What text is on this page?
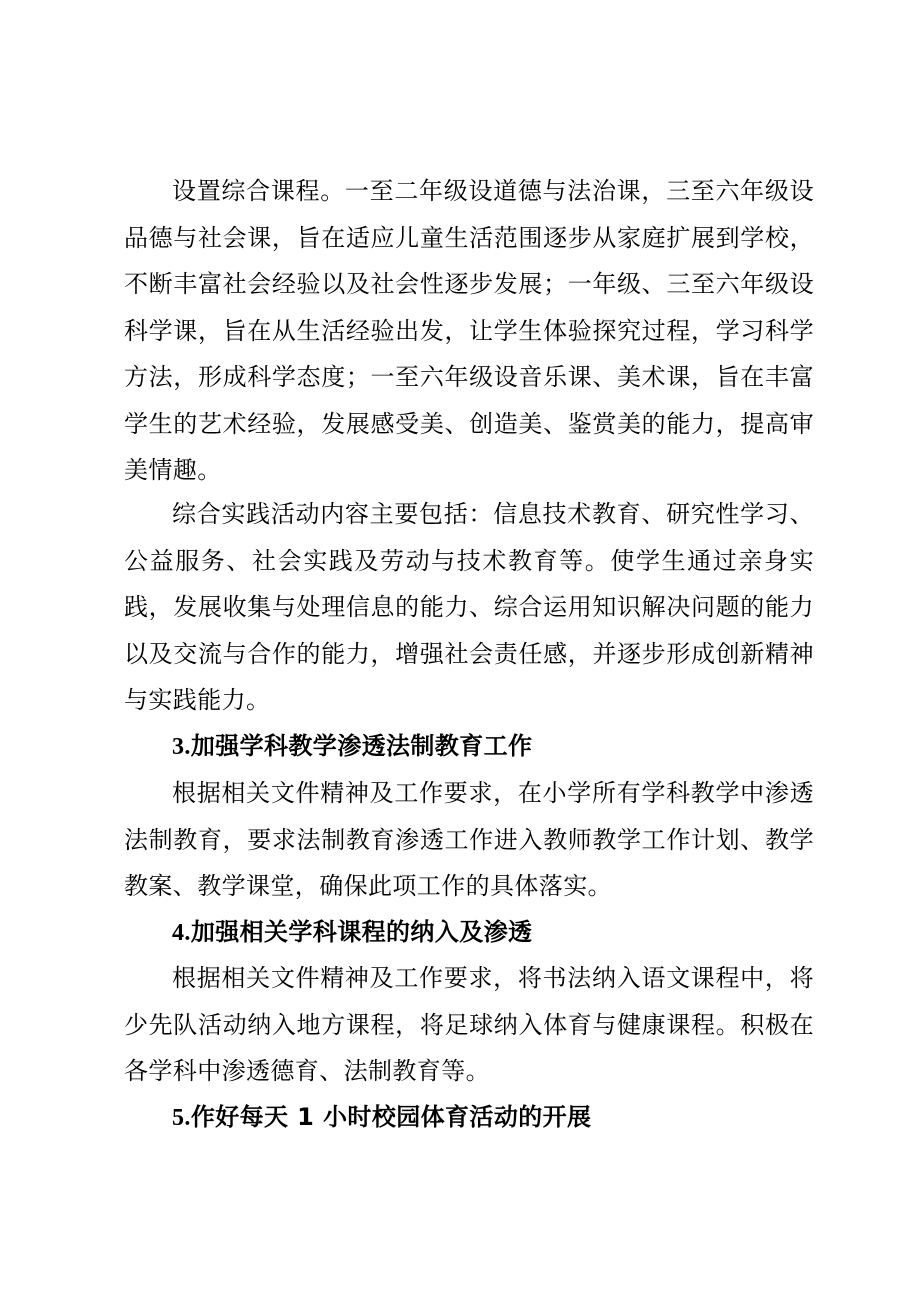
设置综合课程。一至二年级设道德与法治课，三至六年级设品德与社会课，旨在适应儿童生活范围逐步从家庭扩展到学校，不断丰富社会经验以及社会性逐步发展；一年级、三至六年级设科学课，旨在从生活经验出发，让学生体验探究过程，学习科学方法，形成科学态度；一至六年级设音乐课、美术课，旨在丰富学生的艺术经验，发展感受美、创造美、鉴赏美的能力，提高审美情趣。

综合实践活动内容主要包括：信息技术教育、研究性学习、公益服务、社会实践及劳动与技术教育等。使学生通过亲身实践，发展收集与处理信息的能力、综合运用知识解决问题的能力以及交流与合作的能力，增强社会责任感，并逐步形成创新精神与实践能力。

3.加强学科教学渗透法制教育工作

根据相关文件精神及工作要求，在小学所有学科教学中渗透法制教育，要求法制教育渗透工作进入教师教学工作计划、教学教案、教学课堂，确保此项工作的具体落实。

4.加强相关学科课程的纳入及渗透

根据相关文件精神及工作要求，将书法纳入语文课程中，将少先队活动纳入地方课程，将足球纳入体育与健康课程。积极在各学科中渗透德育、法制教育等。

5.作好每天 1 小时校园体育活动的开展
